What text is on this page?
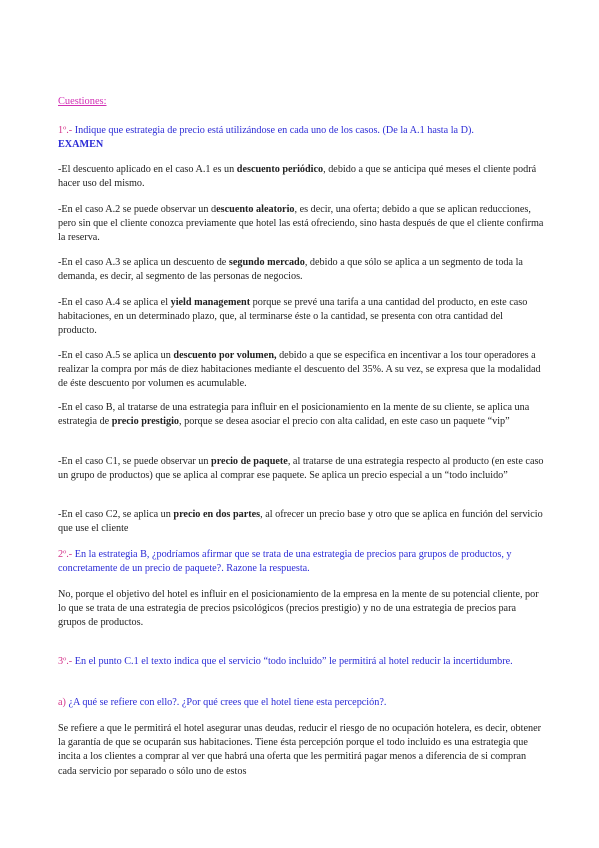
Cuestiones:
1º.- Indique que estrategia de precio está utilizándose en cada uno de los casos. (De la A.1 hasta la D).
EXAMEN
-El descuento aplicado en el caso A.1 es un descuento periódico, debido a que se anticipa qué meses el cliente podrá hacer uso del mismo.
-En el caso A.2 se puede observar un descuento aleatorio, es decir, una oferta; debido a que se aplican reducciones, pero sin que el cliente conozca previamente que hotel las está ofreciendo, sino hasta después de que el cliente confirma la reserva.
-En el caso A.3 se aplica un descuento de segundo mercado, debido a que sólo se aplica a un segmento de toda la demanda, es decir, al segmento de las personas de negocios.
-En el caso A.4 se aplica el yield management porque se prevé una tarifa a una cantidad del producto, en este caso habitaciones, en un determinado plazo, que, al terminarse éste o la cantidad, se presenta con otra cantidad del producto.
-En el caso A.5 se aplica un descuento por volumen, debido a que se especifica en incentivar a los tour operadores a realizar la compra por más de diez habitaciones mediante el descuento del 35%. A su vez, se expresa que la modalidad de éste descuento por volumen es acumulable.
-En el caso B, al tratarse de una estrategia para influir en el posicionamiento en la mente de su cliente, se aplica una estrategia de precio prestigio, porque se desea asociar el precio con alta calidad, en este caso un paquete “vip”
-En el caso C1, se puede observar un precio de paquete, al tratarse de una estrategia respecto al producto (en este caso un grupo de productos) que se aplica al comprar ese paquete. Se aplica un precio especial a un “todo incluido”
-En el caso C2, se aplica un precio en dos partes, al ofrecer un precio base y otro que se aplica en función del servicio que use el cliente
2º.- En la estrategia B, ¿podríamos afirmar que se trata de una estrategia de precios para grupos de productos, y concretamente de un precio de paquete?. Razone la respuesta.
No, porque el objetivo del hotel es influir en el posicionamiento de la empresa en la mente de su potencial cliente, por lo que se trata de una estrategia de precios psicológicos (precios prestigio) y no de una estrategia de precios para grupos de productos.
3º.- En el punto C.1 el texto indica que el servicio “todo incluido” le permitirá al hotel reducir la incertidumbre.
a) ¿A qué se refiere con ello?. ¿Por qué crees que el hotel tiene esta percepción?.
Se refiere a que le permitirá el hotel asegurar unas deudas, reducir el riesgo de no ocupación hotelera, es decir, obtener la garantía de que se ocuparán sus habitaciones. Tiene ésta percepción porque el todo incluido es una estrategia que incita a los clientes a comprar al ver que habrá una oferta que les permitirá pagar menos a diferencia de si compran cada servicio por separado o sólo uno de estos
